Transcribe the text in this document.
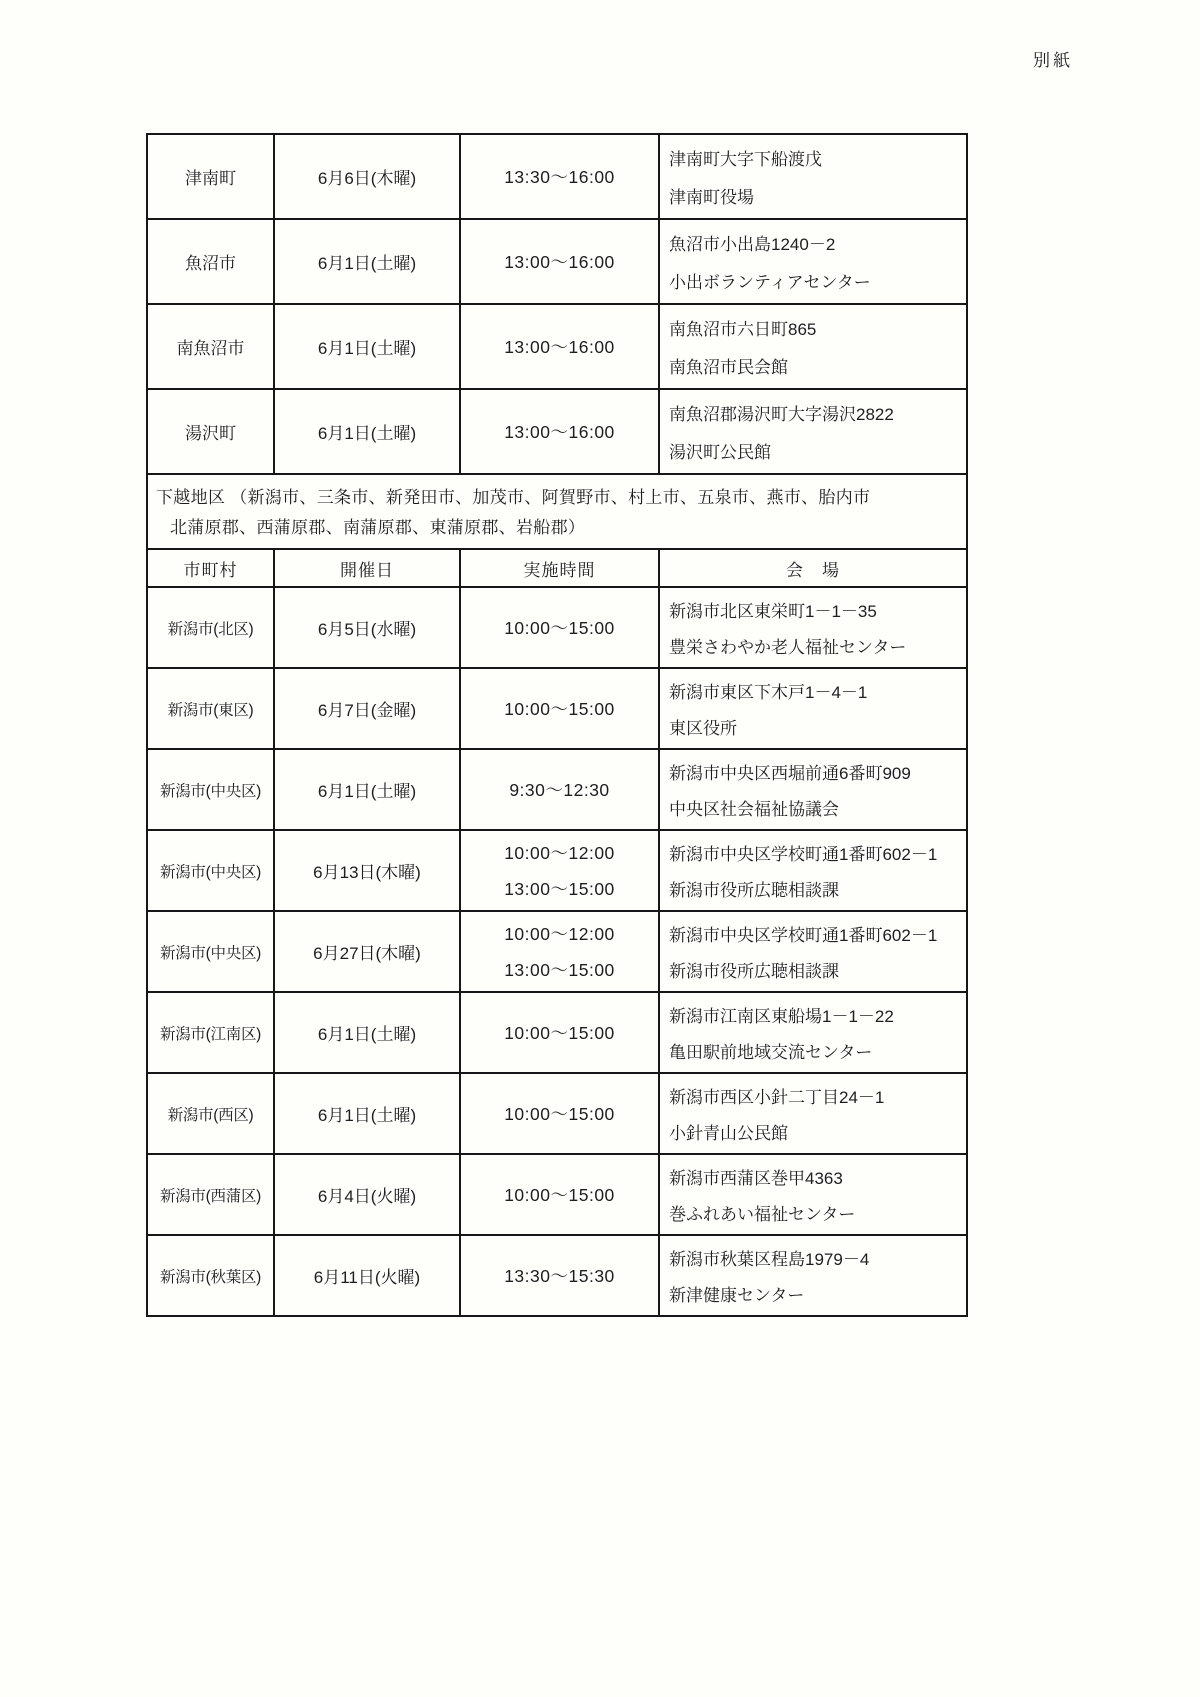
別紙
津南町	6月6日(木曜)	13:30〜16:00	津南町大字下船渡戊
津南町役場

魚沼市	6月1日(土曜)	13:00〜16:00	魚沼市小出島1240－2
小出ボランティアセンター

南魚沼市	6月1日(土曜)	13:00〜16:00	南魚沼市六日町865
南魚沼市民会館

湯沢町	6月1日(土曜)	13:00〜16:00	南魚沼郡湯沢町大字湯沢2822
湯沢町公民館

下越地区 （新潟市、三条市、新発田市、加茂市、阿賀野市、村上市、五泉市、燕市、胎内市
北蒲原郡、西蒲原郡、南蒲原郡、東蒲原郡、岩船郡）			

市町村	開催日	実施時間	会　場

新潟市(北区)	6月5日(水曜)	10:00〜15:00	新潟市北区東栄町1－1－35
豊栄さわやか老人福祉センター

新潟市(東区)	6月7日(金曜)	10:00〜15:00	新潟市東区下木戸1－4－1
東区役所

新潟市(中央区)	6月1日(土曜)	9:30〜12:30	新潟市中央区西堀前通6番町909
中央区社会福祉協議会

新潟市(中央区)	6月13日(木曜)	10:00〜12:00
13:00〜15:00	新潟市中央区学校町通1番町602－1
新潟市役所広聴相談課

新潟市(中央区)	6月27日(木曜)	10:00〜12:00
13:00〜15:00	新潟市中央区学校町通1番町602－1
新潟市役所広聴相談課

新潟市(江南区)	6月1日(土曜)	10:00〜15:00	新潟市江南区東船場1－1－22
亀田駅前地域交流センター

新潟市(西区)	6月1日(土曜)	10:00〜15:00	新潟市西区小針二丁目24－1
小針青山公民館

新潟市(西蒲区)	6月4日(火曜)	10:00〜15:00	新潟市西蒲区巻甲4363
巻ふれあい福祉センター

新潟市(秋葉区)	6月11日(火曜)	13:30〜15:30	新潟市秋葉区程島1979－4
新津健康センター
